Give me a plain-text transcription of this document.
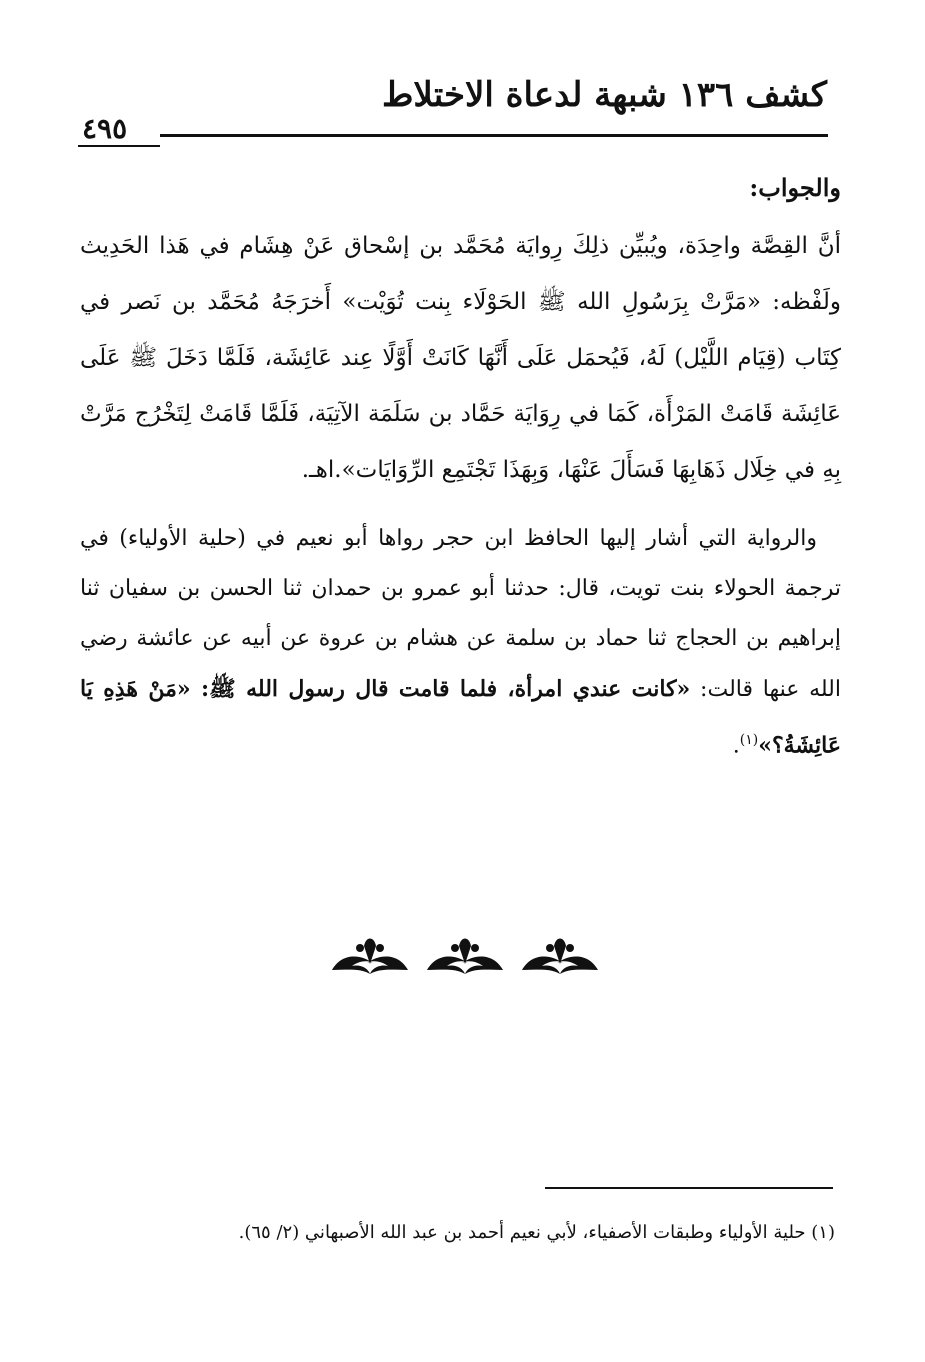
كشف ١٣٦ شبهة لدعاة الاختلاط
٤٩٥

والجواب:

أنَّ القِصَّة واحِدَة، ويُبيِّن ذلِكَ رِوايَة مُحَمَّد بن إسْحاق عَنْ هِشَام في هَذا الحَدِيث ولَفْظه: «مَرَّتْ بِرَسُولِ الله ﷺ الحَوْلَاء بِنت تُوَيْت» أَخرَجَهُ مُحَمَّد بن نَصر في كِتَاب (قِيَام اللَّيْل) لَهُ، فَيُحمَل عَلَى أَنَّهَا كَانَتْ أَوَّلًا عِند عَائِشَة، فَلَمَّا دَخَلَ ﷺ عَلَى عَائِشَة قَامَتْ المَرْأَة، كَمَا في رِوَايَة حَمَّاد بن سَلَمَة الآتِيَة، فَلَمَّا قَامَتْ لِتَخْرُج مَرَّتْ بِهِ في خِلَال ذَهَابِهَا فَسَأَلَ عَنْهَا، وَبِهَذَا تَجْتَمِع الرِّوَايَات».اهـ.

والرواية التي أشار إليها الحافظ ابن حجر رواها أبو نعيم في (حلية الأولياء) في ترجمة الحولاء بنت تويت، قال: حدثنا أبو عمرو بن حمدان ثنا الحسن بن سفيان ثنا إبراهيم بن الحجاج ثنا حماد بن سلمة عن هشام بن عروة عن أبيه عن عائشة رضي الله عنها قالت: «كانت عندي امرأة، فلما قامت قال رسول الله ﷺ: «مَنْ هَذِهِ يَا عَائِشَةُ؟»$^{(١)}$.

(١) حلية الأولياء وطبقات الأصفياء، لأبي نعيم أحمد بن عبد الله الأصبهاني (٢/ ٦٥).
